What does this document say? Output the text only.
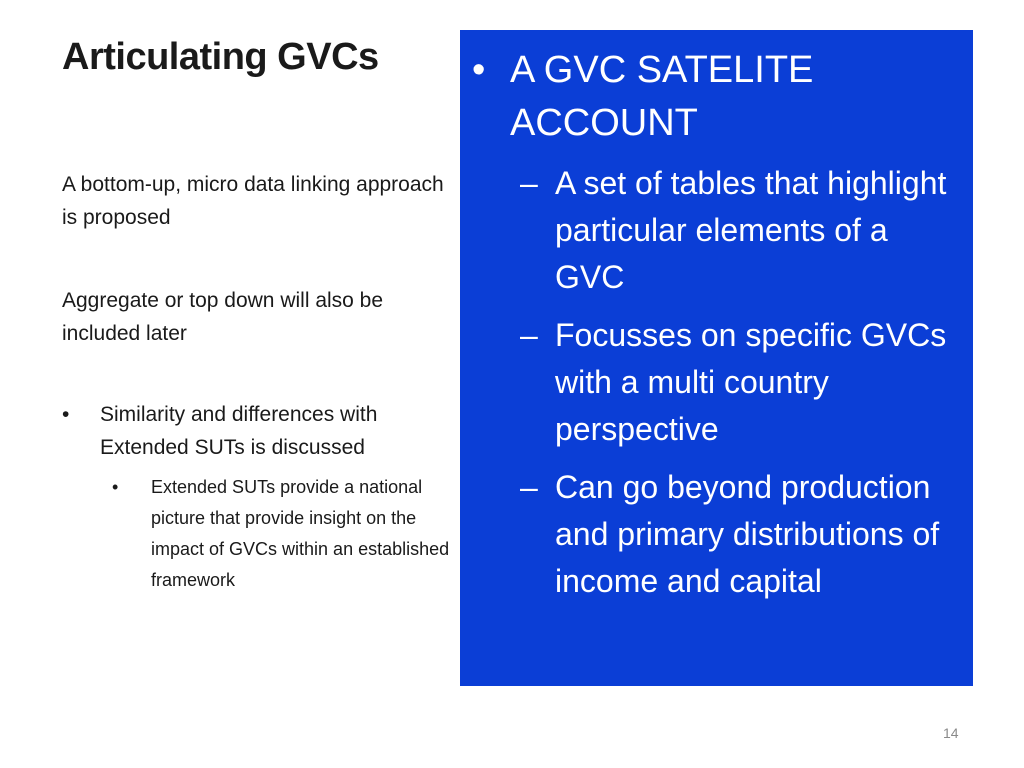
Articulating GVCs

A bottom-up, micro data linking approach is proposed

Aggregate or top down will also be included later

• Similarity and differences with Extended SUTs is discussed
• Extended SUTs provide a national picture that provide insight on the impact of GVCs within an established framework
• A GVC SATELITE ACCOUNT
– A set of tables that highlight particular elements of a GVC
– Focusses on specific GVCs with a multi country perspective
– Can go beyond production and primary distributions of income and capital
14
